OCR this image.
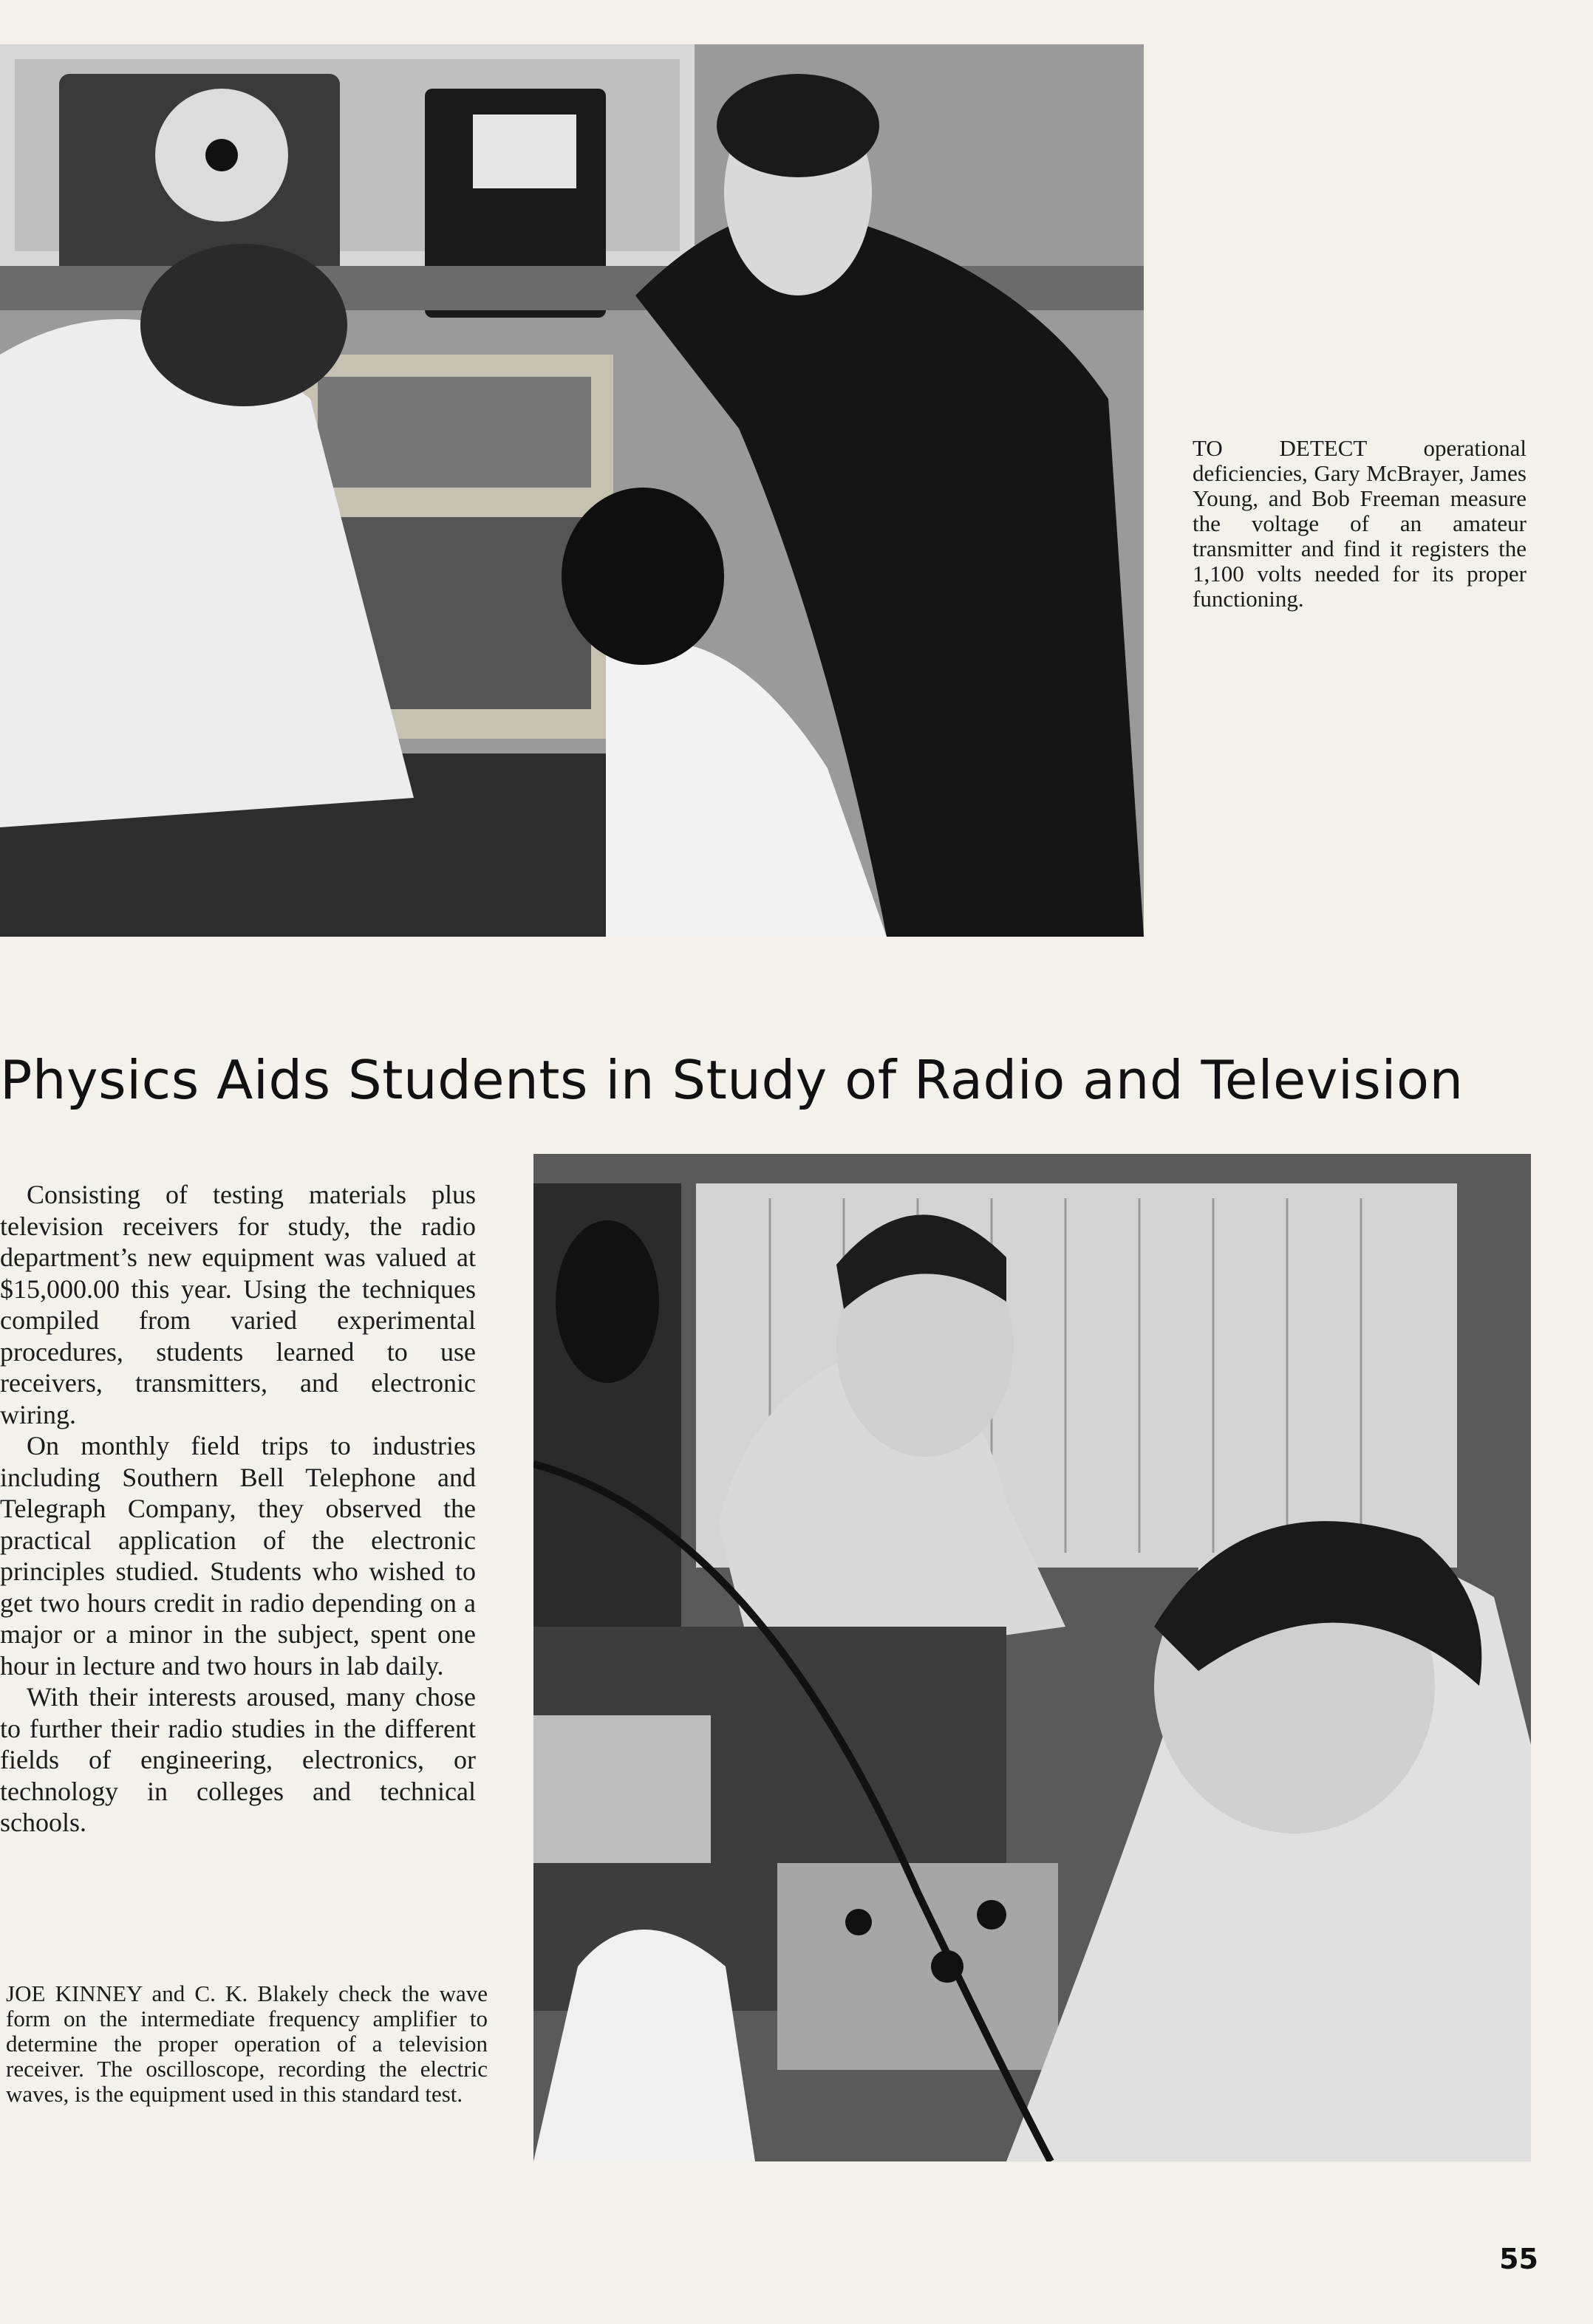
TO DETECT operational deficiencies, Gary McBrayer, James Young, and Bob Freeman measure the voltage of an amateur transmitter and find it registers the 1,100 volts needed for its proper functioning.

Physics Aids Students in Study of Radio and Television

Consisting of testing materials plus television receivers for study, the radio department’s new equipment was valued at $15,000.00 this year. Using the techniques compiled from varied experimental procedures, students learned to use receivers, transmitters, and electronic wiring.

On monthly field trips to industries including Southern Bell Telephone and Telegraph Company, they observed the practical application of the electronic principles studied. Students who wished to get two hours credit in radio depending on a major or a minor in the subject, spent one hour in lecture and two hours in lab daily.

With their interests aroused, many chose to further their radio studies in the different fields of engineering, electronics, or technology in colleges and technical schools.

JOE KINNEY and C. K. Blakely check the wave form on the intermediate frequency amplifier to determine the proper operation of a television receiver. The oscilloscope, recording the electric waves, is the equipment used in this standard test.

55
